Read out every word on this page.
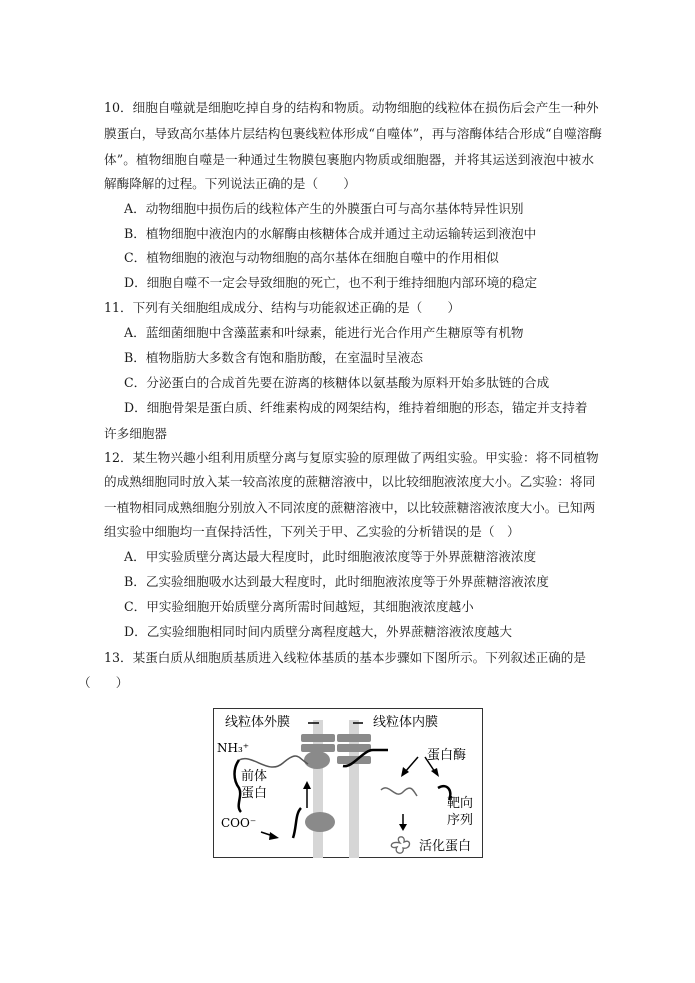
10．细胞自噬就是细胞吃掉自身的结构和物质。动物细胞的线粒体在损伤后会产生一种外
膜蛋白，导致高尔基体片层结构包裹线粒体形成“自噬体”，再与溶酶体结合形成“自噬溶酶
体”。植物细胞自噬是一种通过生物膜包裹胞内物质或细胞器，并将其运送到液泡中被水
解酶降解的过程。下列说法正确的是（　　）
A．动物细胞中损伤后的线粒体产生的外膜蛋白可与高尔基体特异性识别
B．植物细胞中液泡内的水解酶由核糖体合成并通过主动运输转运到液泡中
C．植物细胞的液泡与动物细胞的高尔基体在细胞自噬中的作用相似
D．细胞自噬不一定会导致细胞的死亡，也不利于维持细胞内部环境的稳定
11．下列有关细胞组成成分、结构与功能叙述正确的是（　　）
A．蓝细菌细胞中含藻蓝素和叶绿素，能进行光合作用产生糖原等有机物
B．植物脂肪大多数含有饱和脂肪酸，在室温时呈液态
C．分泌蛋白的合成首先要在游离的核糖体以氨基酸为原料开始多肽链的合成
D．细胞骨架是蛋白质、纤维素构成的网架结构，维持着细胞的形态，锚定并支持着
许多细胞器
12．某生物兴趣小组利用质壁分离与复原实验的原理做了两组实验。甲实验：将不同植物
的成熟细胞同时放入某一较高浓度的蔗糖溶液中，以比较细胞液浓度大小。乙实验：将同
一植物相同成熟细胞分别放入不同浓度的蔗糖溶液中，以比较蔗糖溶液浓度大小。已知两
组实验中细胞均一直保持活性，下列关于甲、乙实验的分析错误的是（　）
A．甲实验质壁分离达最大程度时，此时细胞液浓度等于外界蔗糖溶液浓度
B．乙实验细胞吸水达到最大程度时，此时细胞液浓度等于外界蔗糖溶液浓度
C．甲实验细胞开始质壁分离所需时间越短，其细胞液浓度越小
D．乙实验细胞相同时间内质壁分离程度越大，外界蔗糖溶液浓度越大
13．某蛋白质从细胞质基质进入线粒体基质的基本步骤如下图所示。下列叙述正确的是
（　　）
线粒体外膜	线粒体内膜
NH₃⁺
前体
蛋白
COO⁻
蛋白酶
靶向
序列
活化蛋白
